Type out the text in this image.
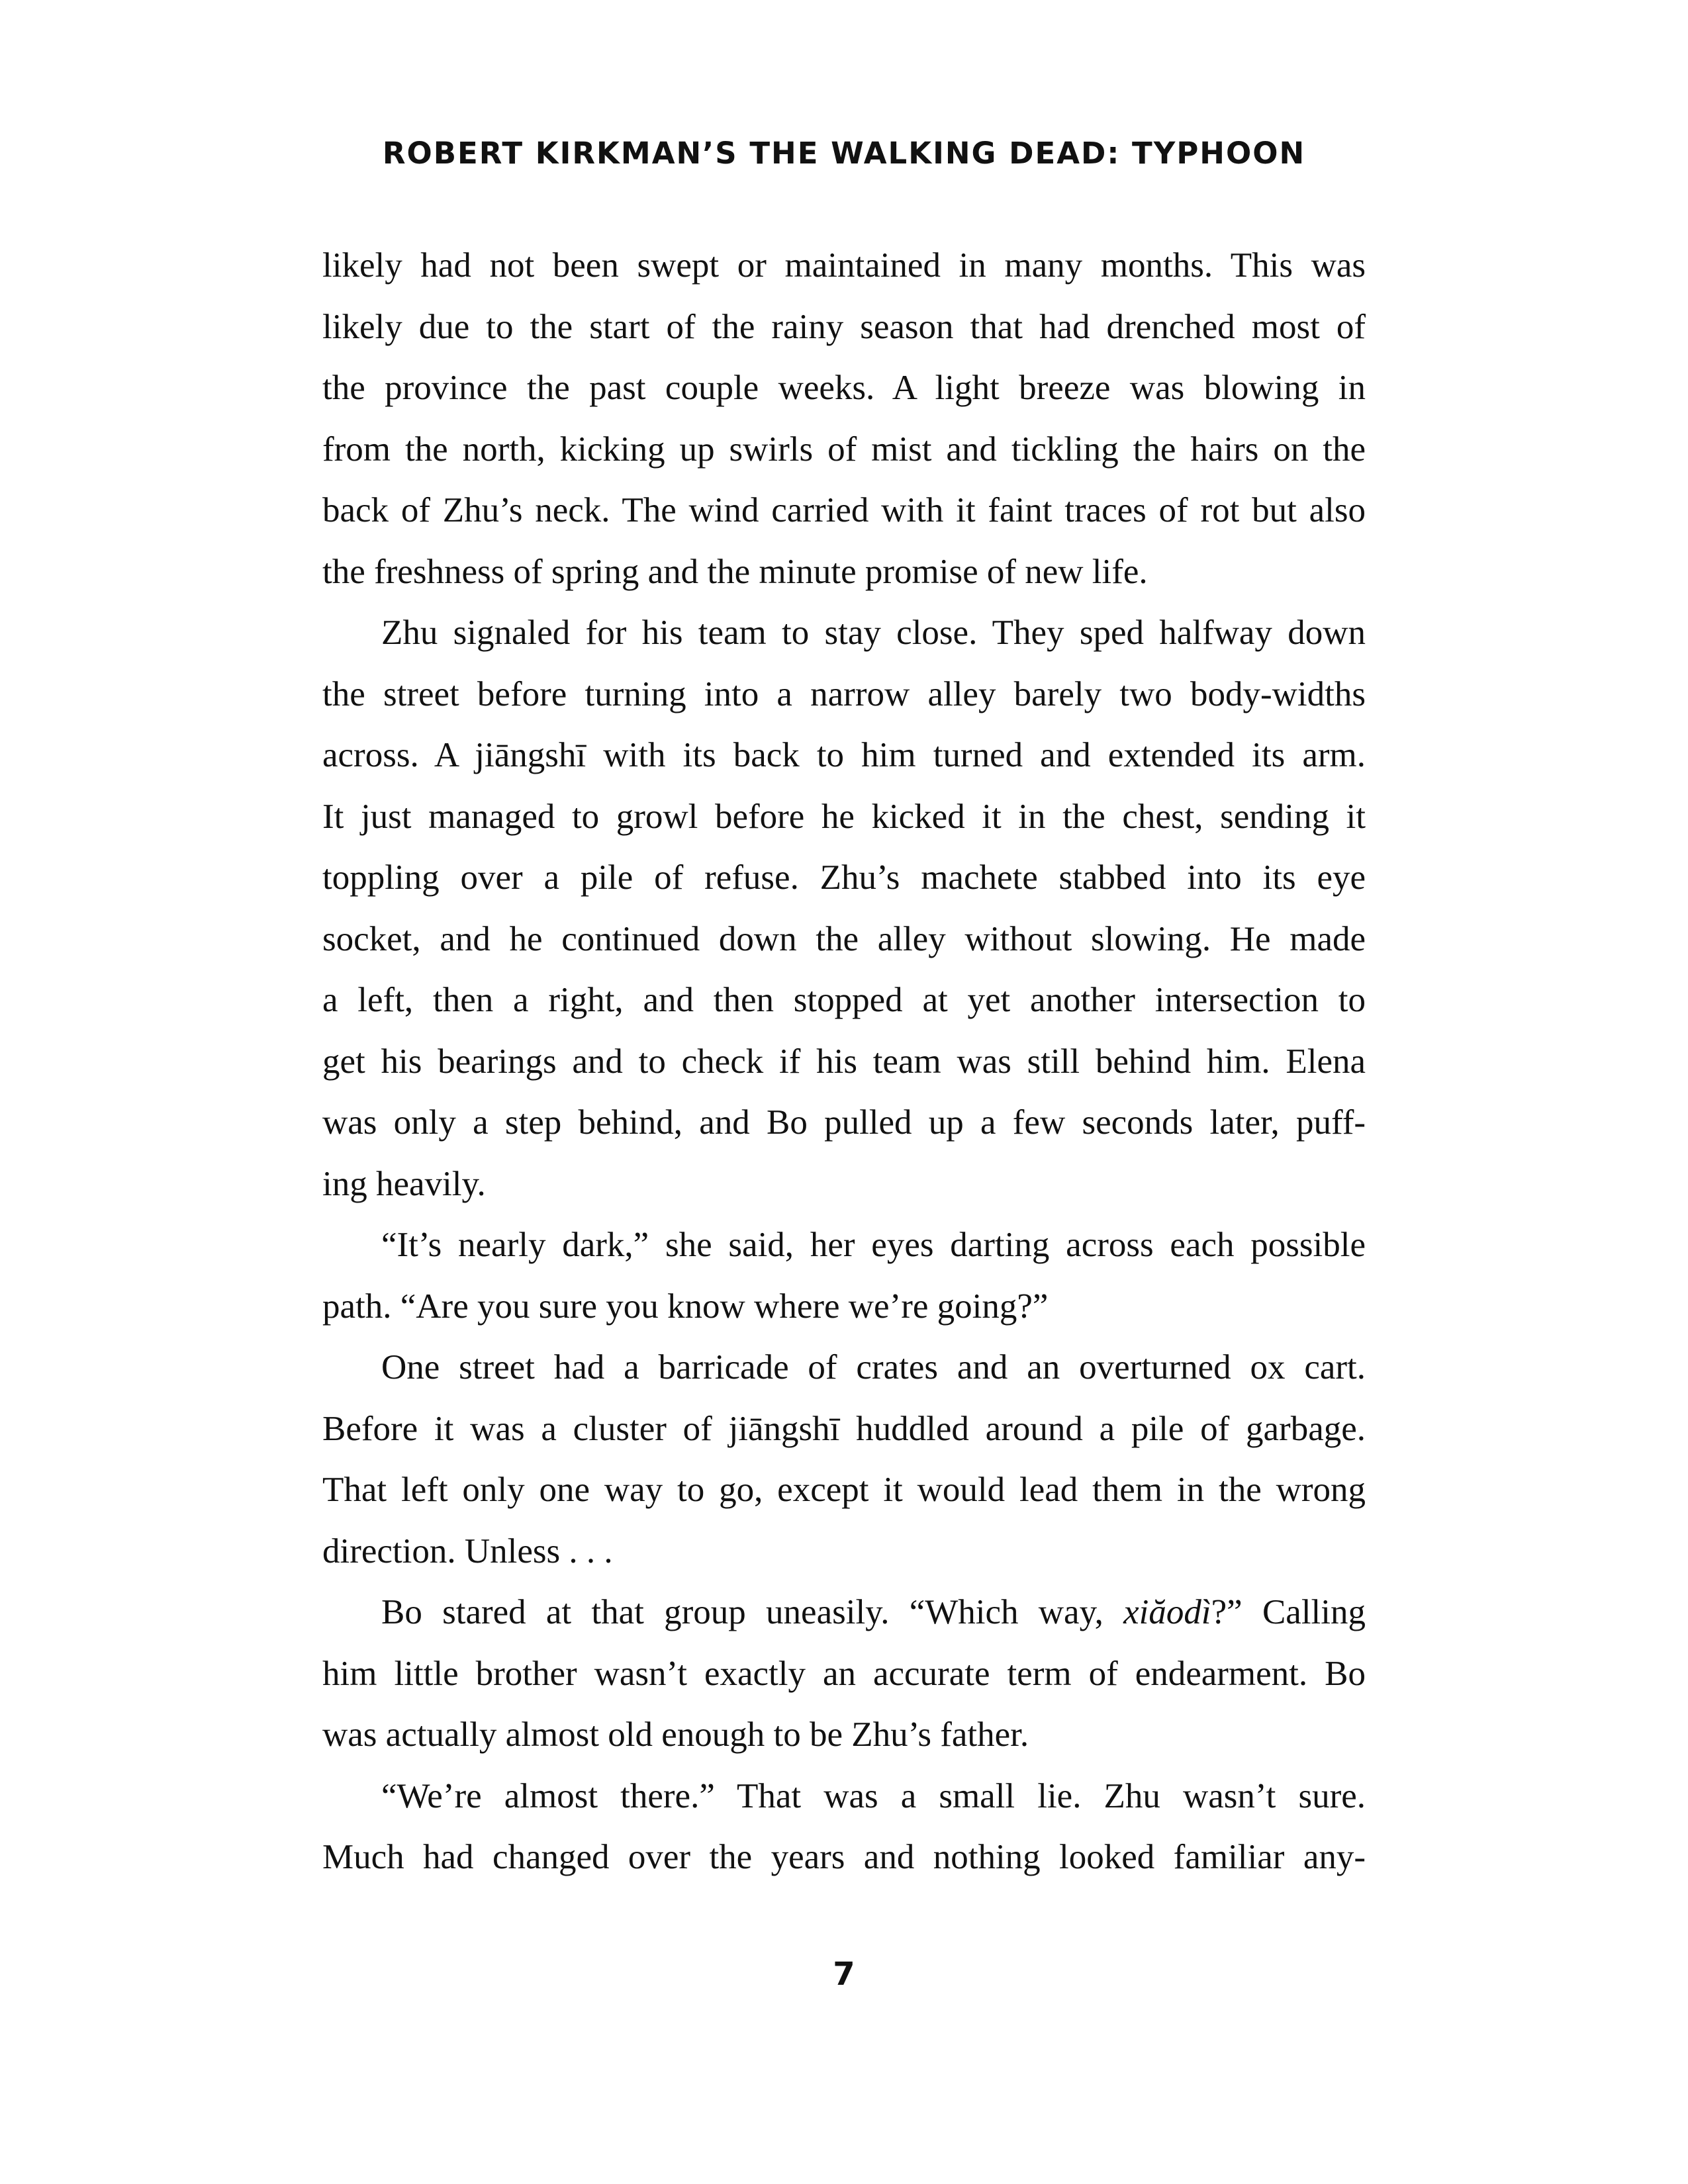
ROBERT KIRKMAN’S THE WALKING DEAD: TYPHOON
likely had not been swept or maintained in many months. This was
likely due to the start of the rainy season that had drenched most of
the province the past couple weeks. A light breeze was blowing in
from the north, kicking up swirls of mist and tickling the hairs on the
back of Zhu’s neck. The wind carried with it faint traces of rot but also
the freshness of spring and the minute promise of new life.
Zhu signaled for his team to stay close. They sped halfway down
the street before turning into a narrow alley barely two body-widths
across. A jiāngshī with its back to him turned and extended its arm.
It just managed to growl before he kicked it in the chest, sending it
toppling over a pile of refuse. Zhu’s machete stabbed into its eye
socket, and he continued down the alley without slowing. He made
a left, then a right, and then stopped at yet another intersection to
get his bearings and to check if his team was still behind him. Elena
was only a step behind, and Bo pulled up a few seconds later, puff-
ing heavily.
“It’s nearly dark,” she said, her eyes darting across each possible
path. “Are you sure you know where we’re going?”
One street had a barricade of crates and an overturned ox cart.
Before it was a cluster of jiāngshī huddled around a pile of garbage.
That left only one way to go, except it would lead them in the wrong
direction. Unless . . .
Bo stared at that group uneasily. “Which way, xiăodì?” Calling
him little brother wasn’t exactly an accurate term of endearment. Bo
was actually almost old enough to be Zhu’s father.
“We’re almost there.” That was a small lie. Zhu wasn’t sure.
Much had changed over the years and nothing looked familiar any-
7
